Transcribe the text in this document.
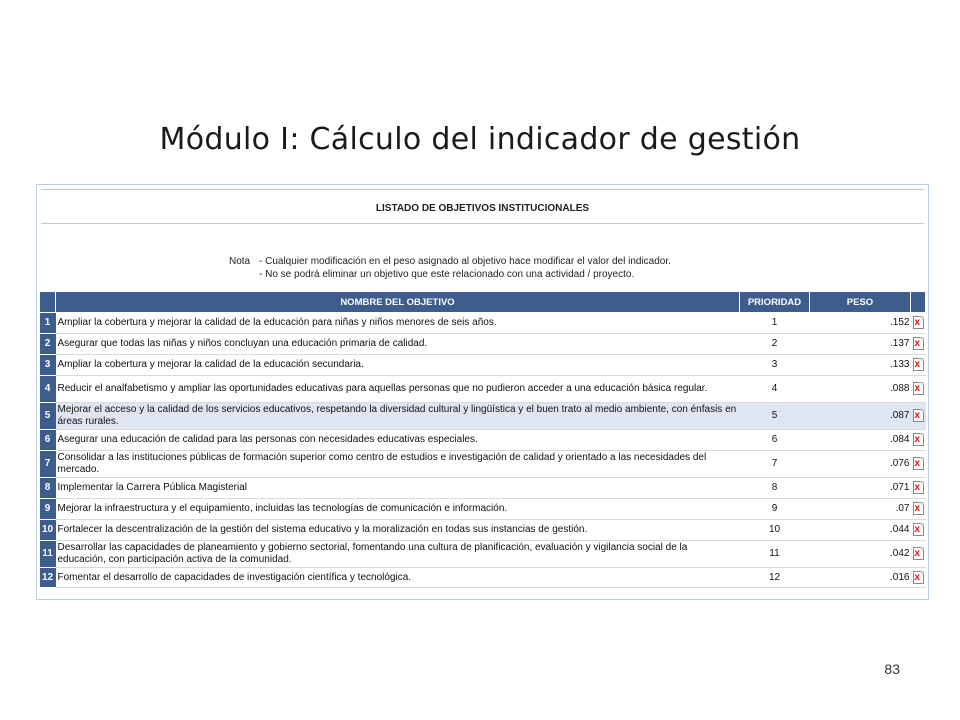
Módulo I: Cálculo del indicador de gestión
LISTADO DE OBJETIVOS INSTITUCIONALES
Nota - Cualquier modificación en el peso asignado al objetivo hace modificar el valor del indicador.
- No se podrá eliminar un objetivo que este relacionado con una actividad / proyecto.
	NOMBRE DEL OBJETIVO	PRIORIDAD	PESO	
1	Ampliar la cobertura y mejorar la calidad de la educación para niñas y niños menores de seis años.	1	.152	x

2	Asegurar que todas las niñas y niños concluyan una educación primaria de calidad.	2	.137	x

3	Ampliar la cobertura y mejorar la calidad de la educación secundaria.	3	.133	x

4	Reducir el analfabetismo y ampliar las oportunidades educativas para aquellas personas que no pudieron acceder a una educación básica regular.	4	.088	x

5	Mejorar el acceso y la calidad de los servicios educativos, respetando la diversidad cultural y lingüística y el buen trato al medio ambiente, con énfasis en áreas rurales.	5	.087	x

6	Asegurar una educación de calidad para las personas con necesidades educativas especiales.	6	.084	x

7	Consolidar a las instituciones públicas de formación superior como centro de estudios e investigación de calidad y orientado a las necesidades del mercado.	7	.076	x

8	Implementar la Carrera Pública Magisterial	8	.071	x

9	Mejorar la infraestructura y el equipamiento, incluidas las tecnologías de comunicación e información.	9	.07	x

10	Fortalecer la descentralización de la gestión del sistema educativo y la moralización en todas sus instancias de gestión.	10	.044	x

11	Desarrollar las capacidades de planeamiento y gobierno sectorial, fomentando una cultura de planificación, evaluación y vigilancia social de la educación, con participación activa de la comunidad.	11	.042	x

12	Fomentar el desarrollo de capacidades de investigación científica y tecnológica.	12	.016	x
83
